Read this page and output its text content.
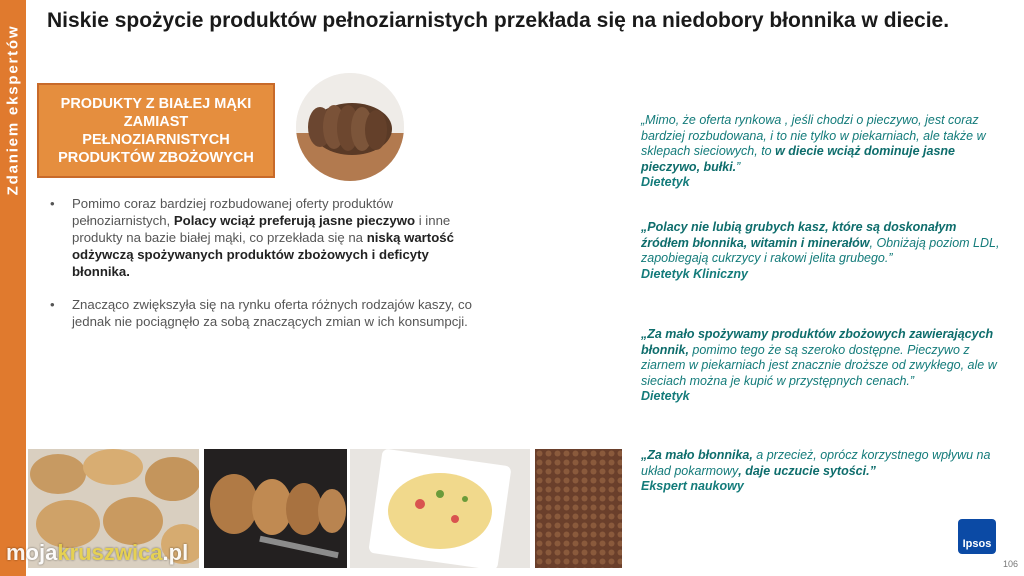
Zdaniem ekspertów
Niskie spożycie produktów pełnoziarnistych przekłada się na niedobory błonnika w diecie.
PRODUKTY Z BIAŁEJ MĄKI ZAMIAST PEŁNOZIARNISTYCH PRODUKTÓW ZBOŻOWYCH
• Pomimo coraz bardziej rozbudowanej oferty produktów pełnoziarnistych, Polacy wciąż preferują jasne pieczywo i inne produkty na bazie białej mąki, co przekłada się na niską wartość odżywczą spożywanych produktów zbożowych i deficyty błonnika.
• Znacząco zwiększyła się na rynku oferta różnych rodzajów kaszy, co jednak nie pociągnęło za sobą znaczących zmian w ich konsumpcji.
„Mimo, że oferta rynkowa , jeśli chodzi o pieczywo, jest coraz bardziej rozbudowana, i to nie tylko w piekarniach, ale także w sklepach sieciowych, to w diecie wciąż dominuje jasne pieczywo, bułki.”
Dietetyk
„Polacy nie lubią grubych kasz, które są doskonałym źródłem błonnika, witamin i minerałów, Obniżają poziom LDL, zapobiegają cukrzycy i rakowi jelita grubego.”
Dietetyk Kliniczny
„Za mało spożywamy produktów zbożowych zawierających błonnik, pomimo tego że są szeroko dostępne. Pieczywo z ziarnem w piekarniach jest znacznie droższe od zwykłego, ale w sieciach można je kupić w przystępnych cenach.”
Dietetyk
„Za mało błonnika, a przecież, oprócz korzystnego wpływu na układ pokarmowy, daje uczucie sytości.”
Ekspert naukowy
mojakruszwica.pl	Ipsos
106
